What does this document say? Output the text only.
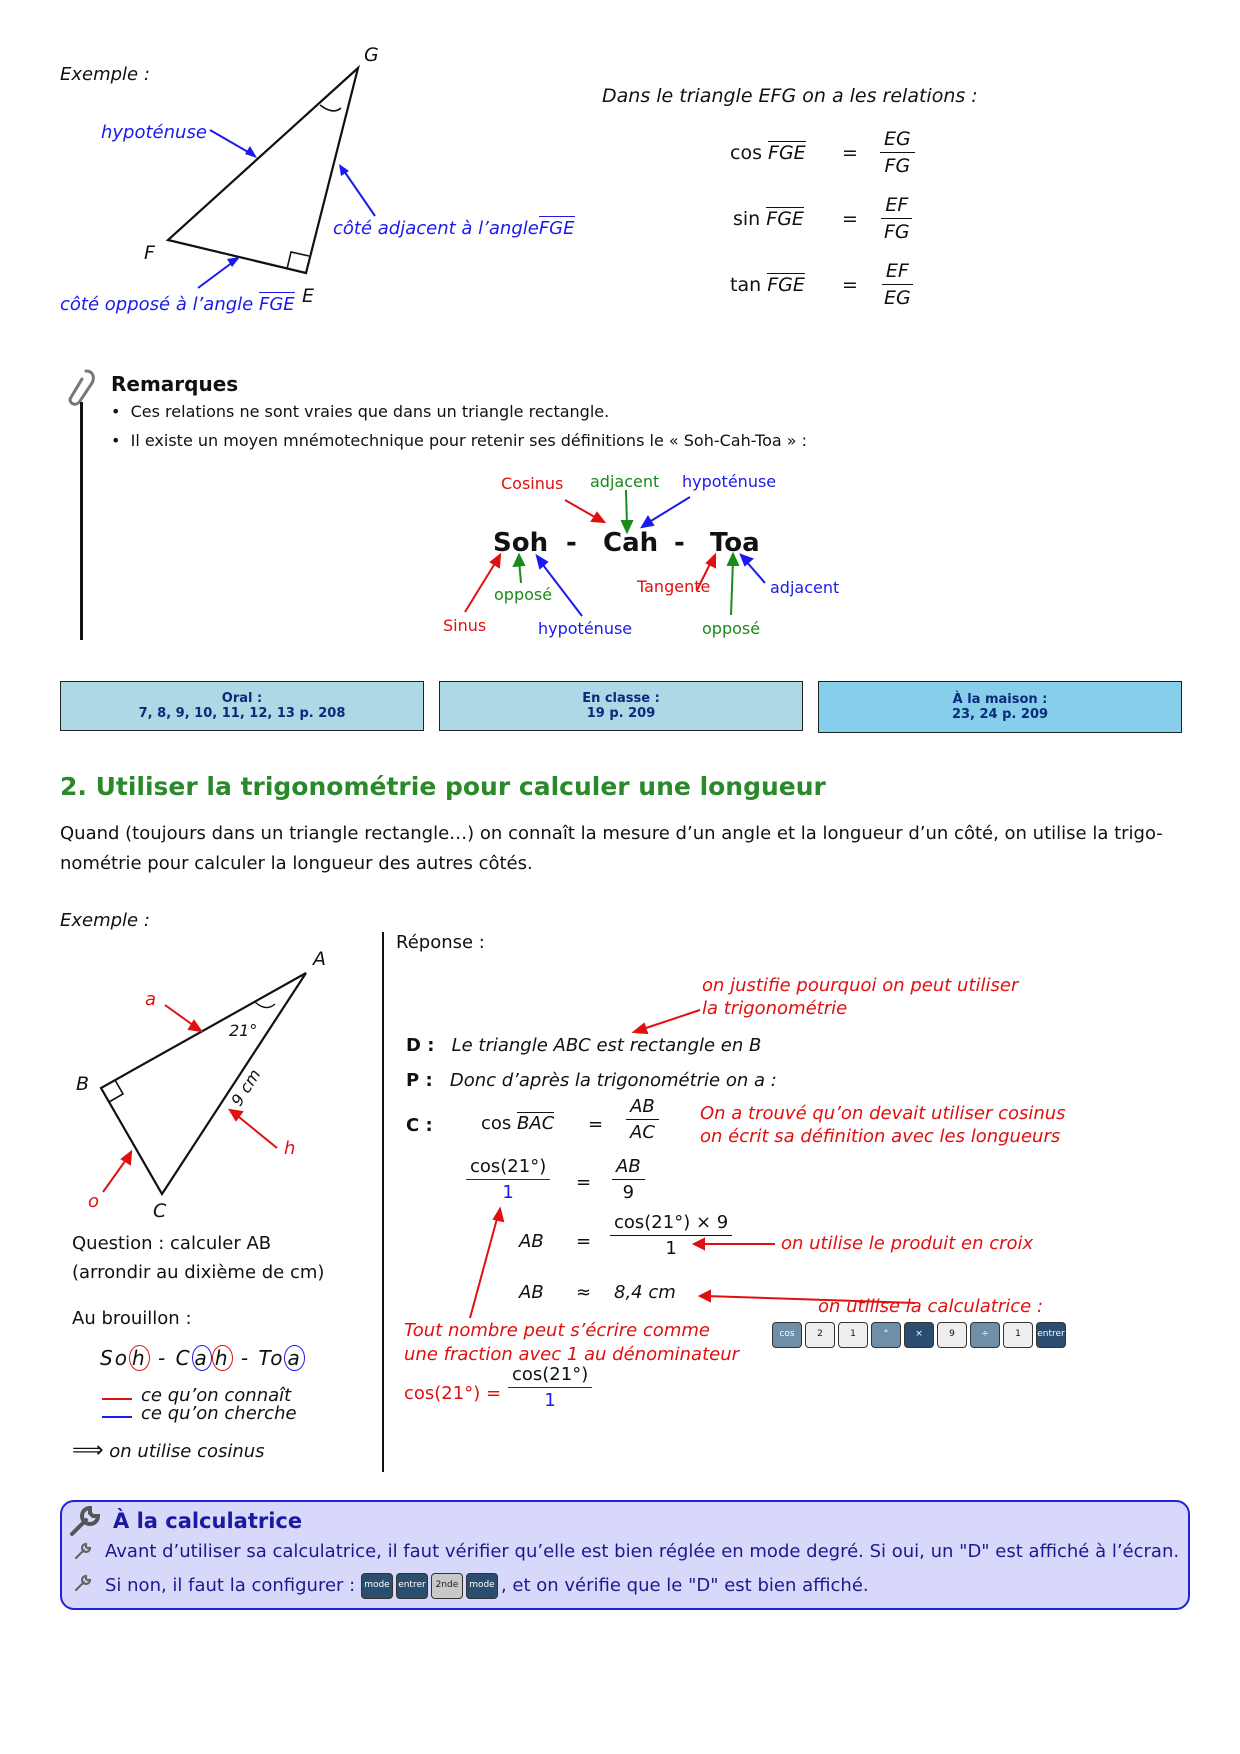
Exemple :
G
F
E
hypoténuse
côté adjacent à l’angleFGE
côté opposé à l’angle FGE
Dans le triangle EFG on a les relations :
cos FGE	=	$\frac{EG}{FG}$
sin FGE	=	$\frac{EF}{FG}$
tan FGE	=	$\frac{EF}{EG}$
Remarques
•  Ces relations ne sont vraies que dans un triangle rectangle.
•  Il existe un moyen mnémotechnique pour retenir ses définitions le « Soh-Cah-Toa » :
Soh - Cah - Toa
Cosinus adjacent hypoténuse
opposé
Sinus	hypoténuse
Tangente	adjacent
opposé
Oral :
7, 8, 9, 10, 11, 12, 13 p. 208
En classe :
19 p. 209
À la maison :
23, 24 p. 209
2. Utiliser la trigonométrie pour calculer une longueur
Quand (toujours dans un triangle rectangle…) on connaît la mesure d’un angle et la longueur d’un côté, on utilise la trigo-
nométrie pour calculer la longueur des autres côtés.
Exemple :
A
B
C
21°
9 cm
a
h
o
Question : calculer AB
(arrondir au dixième de cm)
Au brouillon :
So h - C a h - To a
ce qu’on connaît
ce qu’on cherche
⟹ on utilise cosinus
Réponse :
on justifie pourquoi on peut utiliser
la trigonométrie
D : Le triangle ABC est rectangle en B
P : Donc d’après la trigonométrie on a :
C :	cos BAC = $\frac{AB}{AC}$ On a trouvé qu’on devait utiliser cosinus
on écrit sa définition avec les longueurs
$\frac{\cos(21^\circ)}{1} = \frac{AB}{9}$
AB = $\frac{\cos(21^\circ) \times 9}{1}$	on utilise le produit en croix
AB ≈ 8,4 cm
on utilise la calculatrice :
cos	2	1	°	×	9	÷	1 entrer
Tout nombre peut s’écrire comme
une fraction avec 1 au dénominateur
$\cos(21^\circ) = \frac{\cos(21^\circ)}{1}$
À la calculatrice
Avant d’utiliser sa calculatrice, il faut vérifier qu’elle est bien réglée en mode degré. Si oui, un "D" est affiché à l’écran.
Si non, il faut la configurer : mode entrer 2nde mode , et on vérifie que le "D" est bien affiché.
